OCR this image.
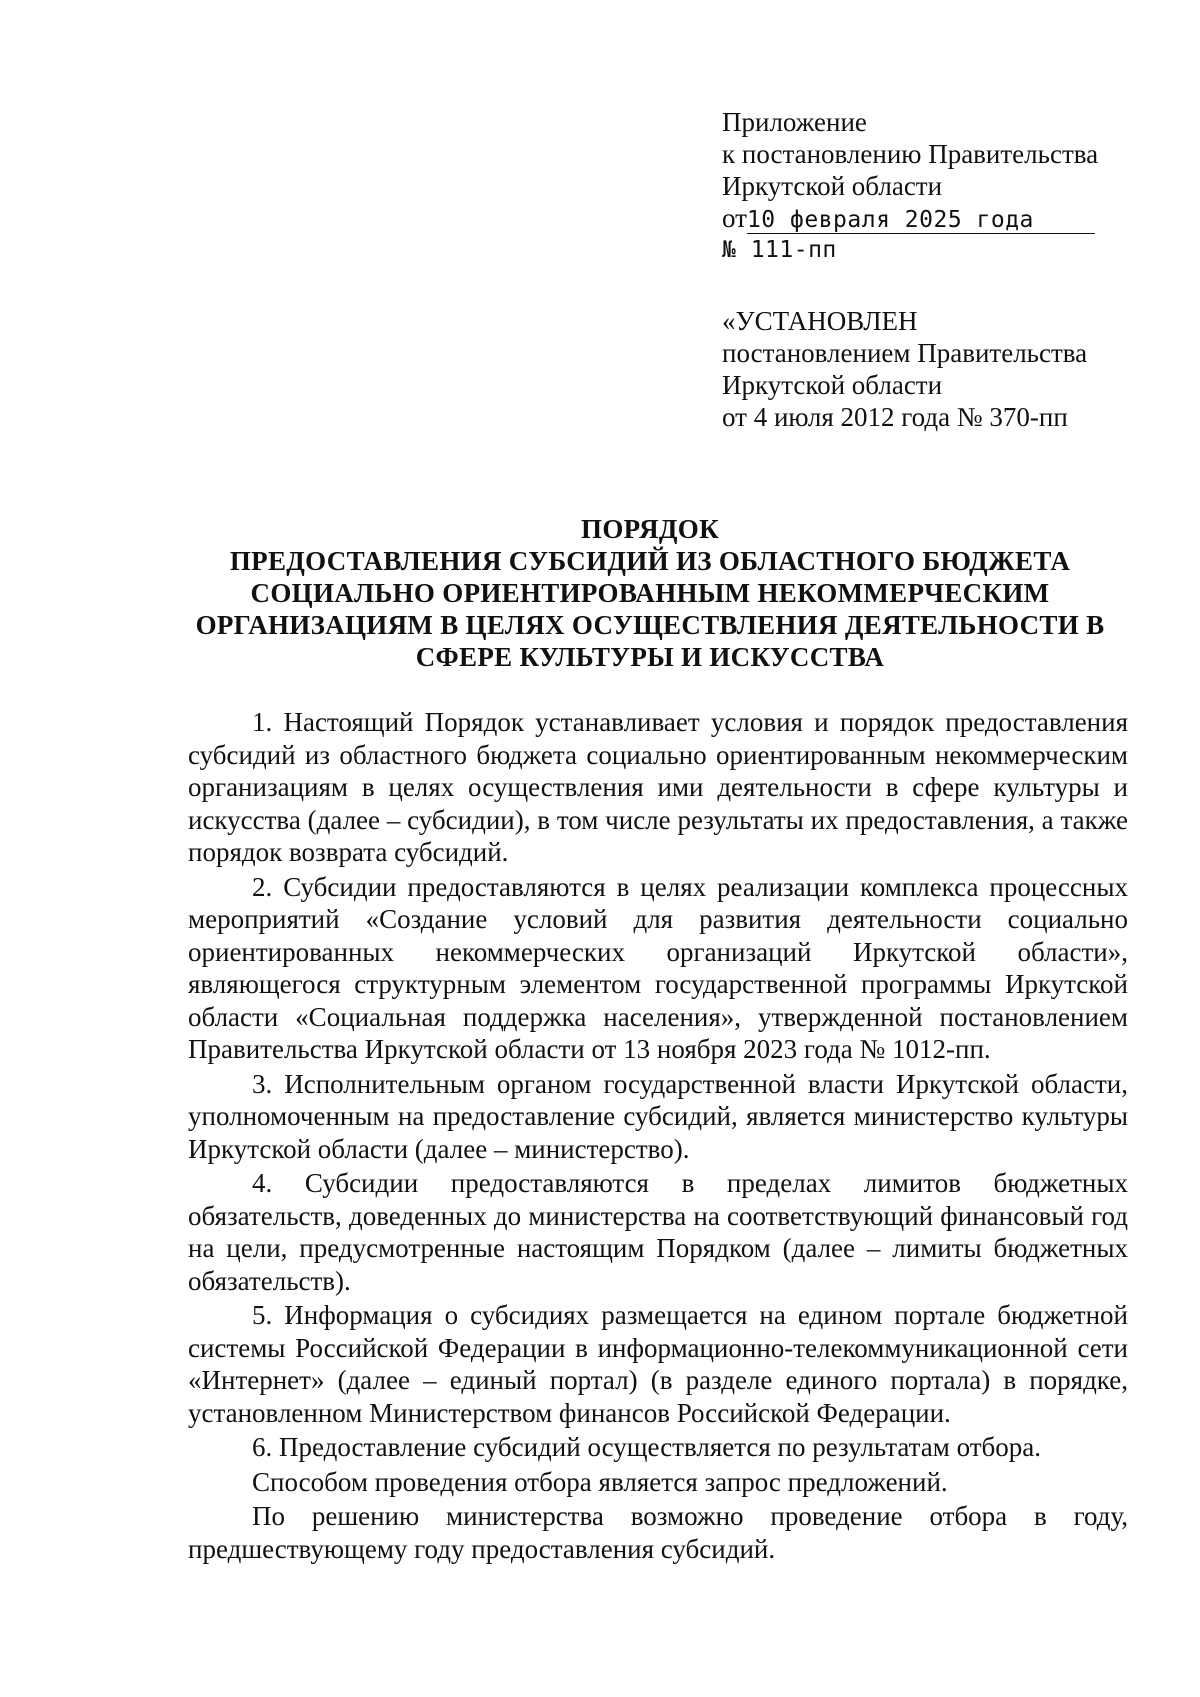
Приложение
к постановлению Правительства
Иркутской области
от10 февраля 2025 года
№ 111-пп
«УСТАНОВЛЕН
постановлением Правительства
Иркутской области
от 4 июля 2012 года № 370-пп
ПОРЯДОК
ПРЕДОСТАВЛЕНИЯ СУБСИДИЙ ИЗ ОБЛАСТНОГО БЮДЖЕТА
СОЦИАЛЬНО ОРИЕНТИРОВАННЫМ НЕКОММЕРЧЕСКИМ
ОРГАНИЗАЦИЯМ В ЦЕЛЯХ ОСУЩЕСТВЛЕНИЯ ДЕЯТЕЛЬНОСТИ В
СФЕРЕ КУЛЬТУРЫ И ИСКУССТВА

1. Настоящий Порядок устанавливает условия и порядок предоставления субсидий из областного бюджета социально ориентированным некоммерческим организациям в целях осуществления ими деятельности в сфере культуры и искусства (далее – субсидии), в том числе результаты их предоставления, а также порядок возврата субсидий.

2. Субсидии предоставляются в целях реализации комплекса процессных мероприятий «Создание условий для развития деятельности социально ориентированных некоммерческих организаций Иркутской области», являющегося структурным элементом государственной программы Иркутской области «Социальная поддержка населения», утвержденной постановлением Правительства Иркутской области от 13 ноября 2023 года № 1012-пп.

3. Исполнительным органом государственной власти Иркутской области, уполномоченным на предоставление субсидий, является министерство культуры Иркутской области (далее – министерство).

4. Субсидии предоставляются в пределах лимитов бюджетных обязательств, доведенных до министерства на соответствующий финансовый год на цели, предусмотренные настоящим Порядком (далее – лимиты бюджетных обязательств).

5. Информация о субсидиях размещается на едином портале бюджетной системы Российской Федерации в информационно-телекоммуникационной сети «Интернет» (далее – единый портал) (в разделе единого портала) в порядке, установленном Министерством финансов Российской Федерации.

6. Предоставление субсидий осуществляется по результатам отбора.

Способом проведения отбора является запрос предложений.

По решению министерства возможно проведение отбора в году, предшествующему году предоставления субсидий.
